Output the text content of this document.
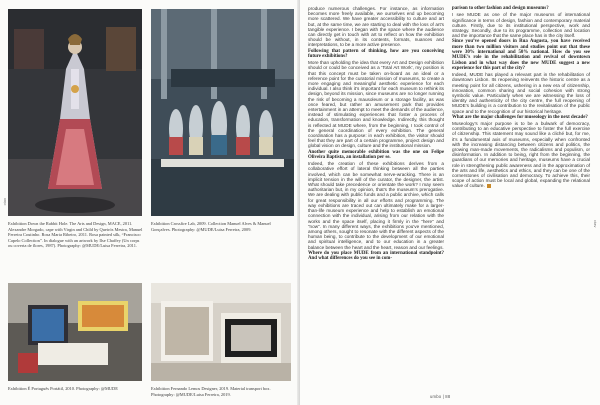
Exhibition Down the Rabbit Hole. The Arts and Design, MACE, 2011. Alexandre Morgado, cape with Virgin and Child by Queirós Mestra, Manuel Ferreira Coutinho. Rosa Maria Ribeiro, 2011. Rosa painted silk, “Francisco Capelo Collection”. In dialogue with an artwork by Ilse Chaffey (Un corps ou coverta de flores, 1987). Photography: @MUDE/Luisa Ferreira, 2011.
Exhibition Crossfire Lab, 2009. Collection Manuel Alves & Manuel Gonçalves. Photography: @MUDE/Luisa Ferreira, 2009.
Exhibition É Português Portátil, 2010. Photography: @MUDE	Exhibition Fernando Lemos Designer, 2019. Material transport box. Photography: @MUDE/Luisa Ferreira, 2019.
ctav
ctav

produce numerous challenges. For instance, as information becomes more freely available, we ourselves end up becoming more scattered. We have greater accessibility to culture and art but, at the same time, we are starting to deal with the loss of art’s tangible experience. I began with the space where the audience can directly get in touch with art to reflect on how the exhibition should be without, in its contents, formats, nuances and interpretations, to be a more active presence.

Following that pattern of thinking, how are you conceiving future exhibitions?

More than upholding the idea that every Art and Design exhibition should or could be conceived as a ‘Total Art Work’, my position is that this concept must be taken on-board as an ideal or a reference point for the curatorial mission of museums, to create a more engaging and meaningful aesthetic experience for each individual. I also think it’s important for each museum to rethink its design, beyond its mission, since museums are no longer running the risk of becoming a mausoleum or a storage facility, as was once feared, but rather an amusement park that provides entertainment in an attempt to meet the demands of the audience, instead of stimulating experiences that foster a process of education, transformation and knowledge. Indirectly, this thought is reflected at MUDE where, from the beginning, I took control of the general coordination of every exhibition. The general coordination has a purpose: in each exhibition, the visitor should feel that they are part of a certain programme, project design and global vision on design, culture and the institutional mission.

Another quite memorable exhibition was the one on Felipe Oliveira Baptista, an installation per se.

Indeed, the creation of these exhibitions derives from a collaborative effort of lateral thinking between all the parties involved, which can be somewhat nerve-wracking. There is an implicit tension in the will of the curator, the designer, the artist. What should take precedence or orientate the work? I may seem authoritarian but, in my opinion, that’s the museum’s prerogative. We are dealing with public funds and a public archive, which calls for great responsibility in all our efforts and programming. The way exhibitions are traced out can ultimately make for a larger-than-life museum experience and help to establish an emotional connection with the individual, arising from our relation with the works and the space itself, placing it firmly in the “here” and “now”. In many different ways, the exhibitions you’ve mentioned, among others, sought to resonate with the different aspects of the human being, to contribute to the development of our emotional and spiritual intelligence, and to our education in a greater balance between the heart and the heart, reason and our feelings.

Where do you place MUDE from an international standpoint? And what differences do you see in com-

parison to other fashion and design museums?

I see MUDE as one of the major museums of international significance in terms of design, fashion and contemporary material culture. Firstly, due to its institutional perspective, work and strategy. Secondly, due to its programme, collection and location and the importance that the same place has in the city itself.

Since you’ve opened doors in Rua Augusta, you have received more than two million visitors and studies point out that these were 30% international and 50% national. How do you see MUDE’s role in the rehabilitation and revival of downtown Lisbon and in what way does the new MUDE suggest a new experience for this part of the city?

Indeed, MUDE has played a relevant part in the rehabilitation of downtown Lisbon. Its reopening reinvents the historic centre as a meeting point for all citizens, ushering in a new era of citizenship, innovation, common sharing and social cohesion with strong symbolic value. Particularly when we are witnessing the loss of identity and authenticity of the city centre, the full reopening of MUDE’s building is a contribution to the revitalisation of the public space and to the recognition of our historical heritage.

What are the major challenges for museology in the next decade?

Museology’s major purpose is to be a bulwark of democracy, contributing to an educative perspective to foster the full exercise of citizenship. This statement may sound like a cliché but, for me, it’s a fundamental axis of museums, especially when confronted with the increasing distancing between citizens and politics, the growing man-made movements, the radicalisms and populism, or disinformation. In addition to being, right from the beginning, the guardians of our memories and heritage, museums have a crucial role in strengthening public awareness and in the approximation of the arts and life, aesthetics and ethics, and they can be one of the cornerstones of civilisation and democracy. To achieve this, their scope of action must be local and global, expanding the relational value of culture.

umbo | 88
